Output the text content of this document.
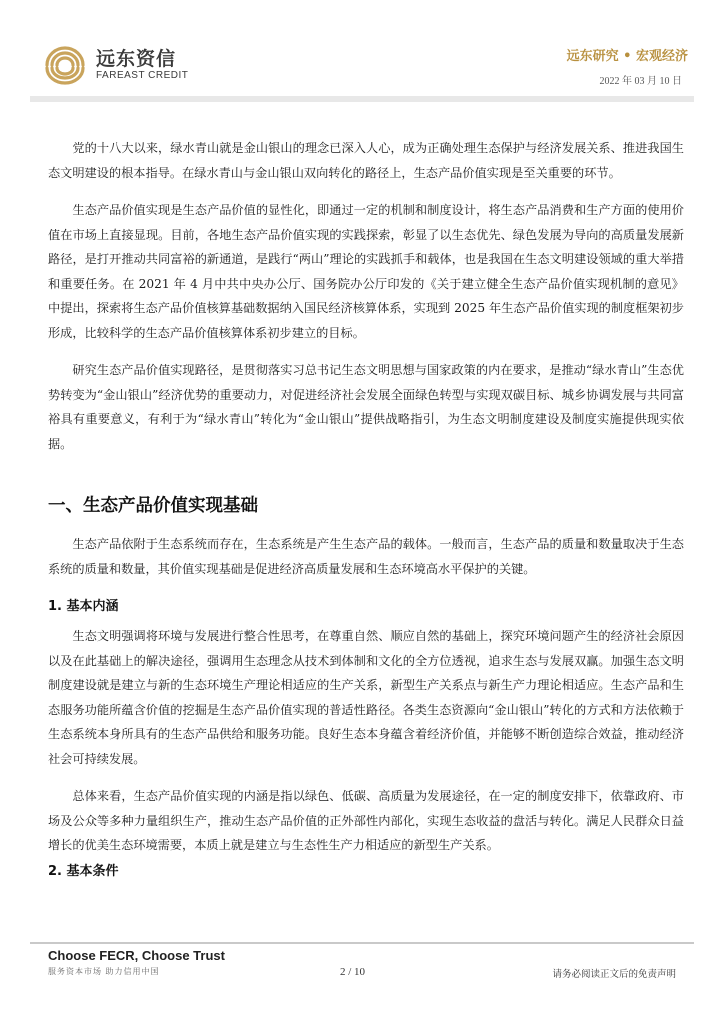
远东资信
FAREAST CREDIT
远东研究 • 宏观经济
2022 年 03 月 10 日

党的十八大以来，绿水青山就是金山银山的理念已深入人心，成为正确处理生态保护与经济发展关系、推进我国生态文明建设的根本指导。在绿水青山与金山银山双向转化的路径上，生态产品价值实现是至关重要的环节。

生态产品价值实现是生态产品价值的显性化，即通过一定的机制和制度设计，将生态产品消费和生产方面的使用价值在市场上直接显现。目前，各地生态产品价值实现的实践探索，彰显了以生态优先、绿色发展为导向的高质量发展新路径，是打开推动共同富裕的新通道，是践行“两山”理论的实践抓手和载体，也是我国在生态文明建设领域的重大举措和重要任务。在 2021 年 4 月中共中央办公厅、国务院办公厅印发的《关于建立健全生态产品价值实现机制的意见》中提出，探索将生态产品价值核算基础数据纳入国民经济核算体系，实现到 2025 年生态产品价值实现的制度框架初步形成，比较科学的生态产品价值核算体系初步建立的目标。

研究生态产品价值实现路径，是贯彻落实习总书记生态文明思想与国家政策的内在要求，是推动“绿水青山”生态优势转变为“金山银山”经济优势的重要动力，对促进经济社会发展全面绿色转型与实现双碳目标、城乡协调发展与共同富裕具有重要意义，有利于为“绿水青山”转化为“金山银山”提供战略指引，为生态文明制度建设及制度实施提供现实依据。

一、生态产品价值实现基础

生态产品依附于生态系统而存在，生态系统是产生生态产品的载体。一般而言，生态产品的质量和数量取决于生态系统的质量和数量，其价值实现基础是促进经济高质量发展和生态环境高水平保护的关键。

1. 基本内涵

生态文明强调将环境与发展进行整合性思考，在尊重自然、顺应自然的基础上，探究环境问题产生的经济社会原因以及在此基础上的解决途径，强调用生态理念从技术到体制和文化的全方位透视，追求生态与发展双赢。加强生态文明制度建设就是建立与新的生态环境生产理论相适应的生产关系，新型生产关系点与新生产力理论相适应。生态产品和生态服务功能所蕴含价值的挖掘是生态产品价值实现的普适性路径。各类生态资源向“金山银山”转化的方式和方法依赖于生态系统本身所具有的生态产品供给和服务功能。良好生态本身蕴含着经济价值，并能够不断创造综合效益，推动经济社会可持续发展。

总体来看，生态产品价值实现的内涵是指以绿色、低碳、高质量为发展途径，在一定的制度安排下，依靠政府、市场及公众等多种力量组织生产，推动生态产品价值的正外部性内部化，实现生态收益的盘活与转化。满足人民群众日益增长的优美生态环境需要，本质上就是建立与生态性生产力相适应的新型生产关系。

2. 基本条件
Choose FECR, Choose Trust
服务资本市场 助力信用中国	2 / 10	请务必阅读正文后的免责声明
